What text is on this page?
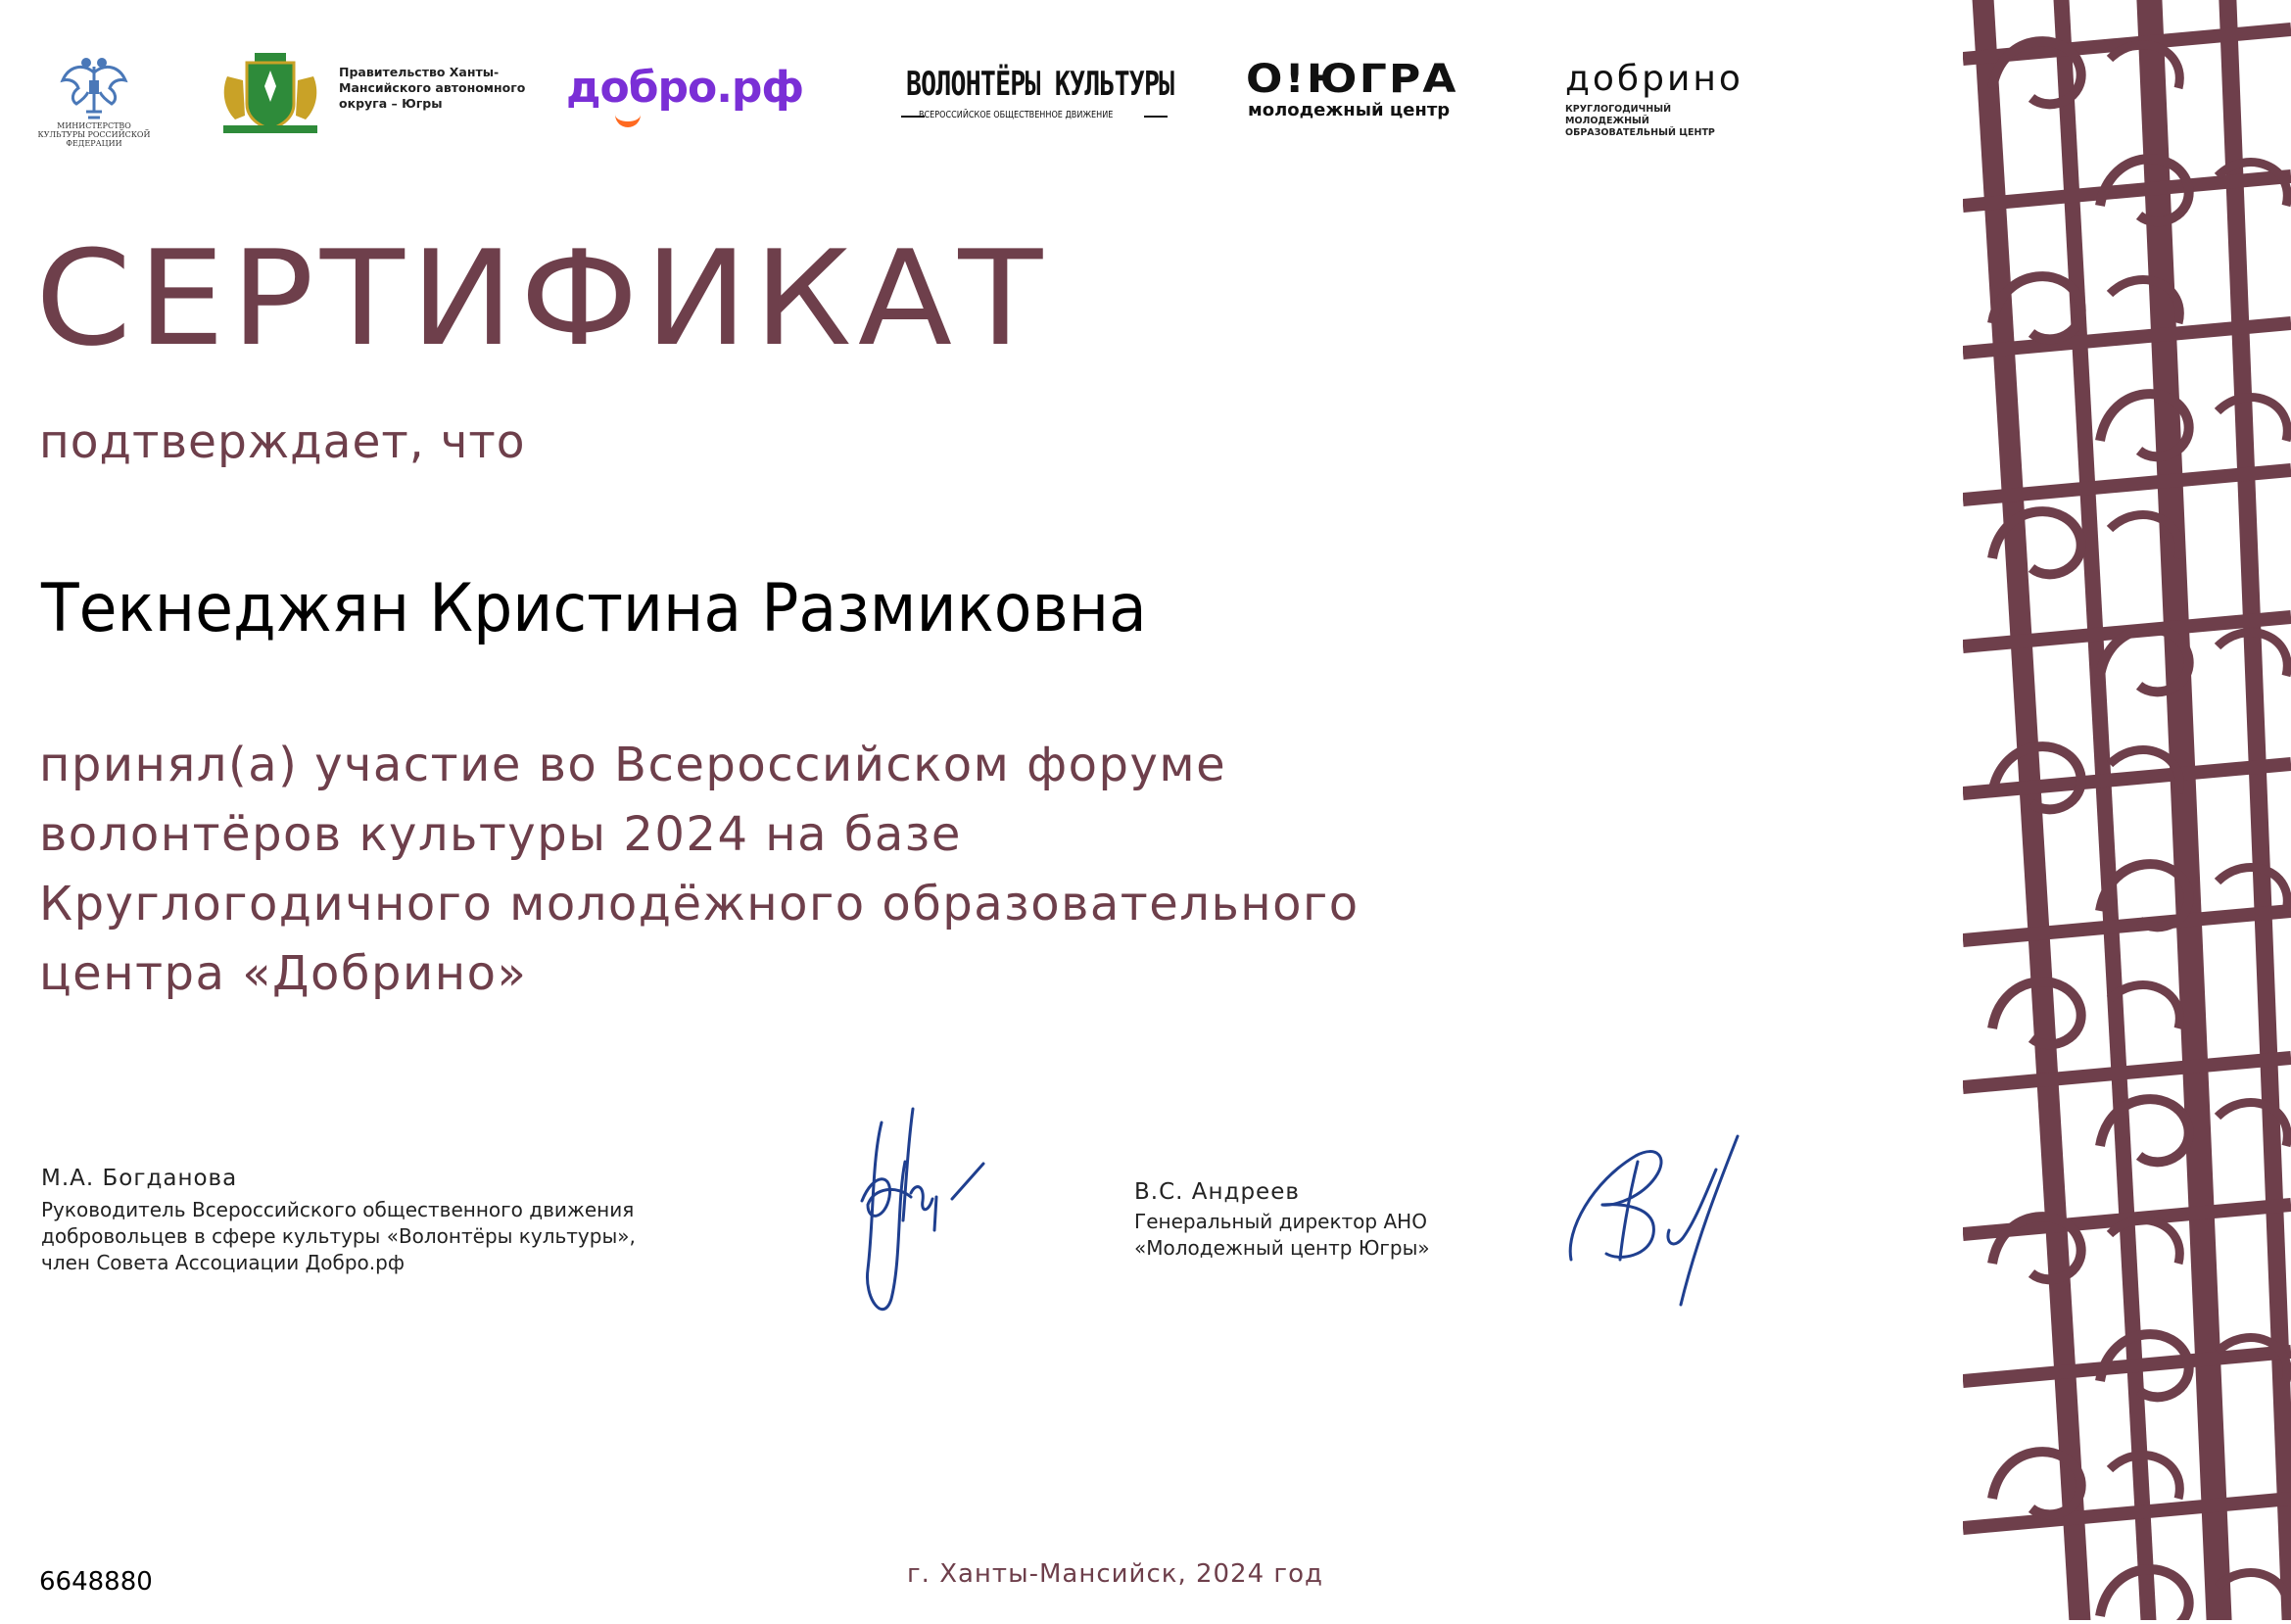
МИНИСТЕРСТВО КУЛЬТУРЫ РОССИЙСКОЙ ФЕДЕРАЦИИ
Правительство Ханты-Мансийского автономного округа – Югры	добро.рф	ВОЛОНТЁРЫ КУЛЬТУРЫ
ВСЕРОССИЙСКОЕ ОБЩЕСТВЕННОЕ ДВИЖЕНИЕ
О!ЮГРА
молодежный центр
добрино
КРУГЛОГОДИЧНЫЙ МОЛОДЕЖНЫЙ ОБРАЗОВАТЕЛЬНЫЙ ЦЕНТР
СЕРТИФИКАТ
подтверждает, что
Текнеджян Кристина Размиковна
принял(а) участие во Всероссийском форуме
волонтёров культуры 2024 на базе
Круглогодичного молодёжного образовательного
центра «Добрино»
М.А. Богданова
Руководитель Всероссийского общественного движения
добровольцев в сфере культуры «Волонтёры культуры»,
член Совета Ассоциации Добро.рф
В.С. Андреев
Генеральный директор АНО
«Молодежный центр Югры»
6648880	г. Ханты-Мансийск, 2024 год
